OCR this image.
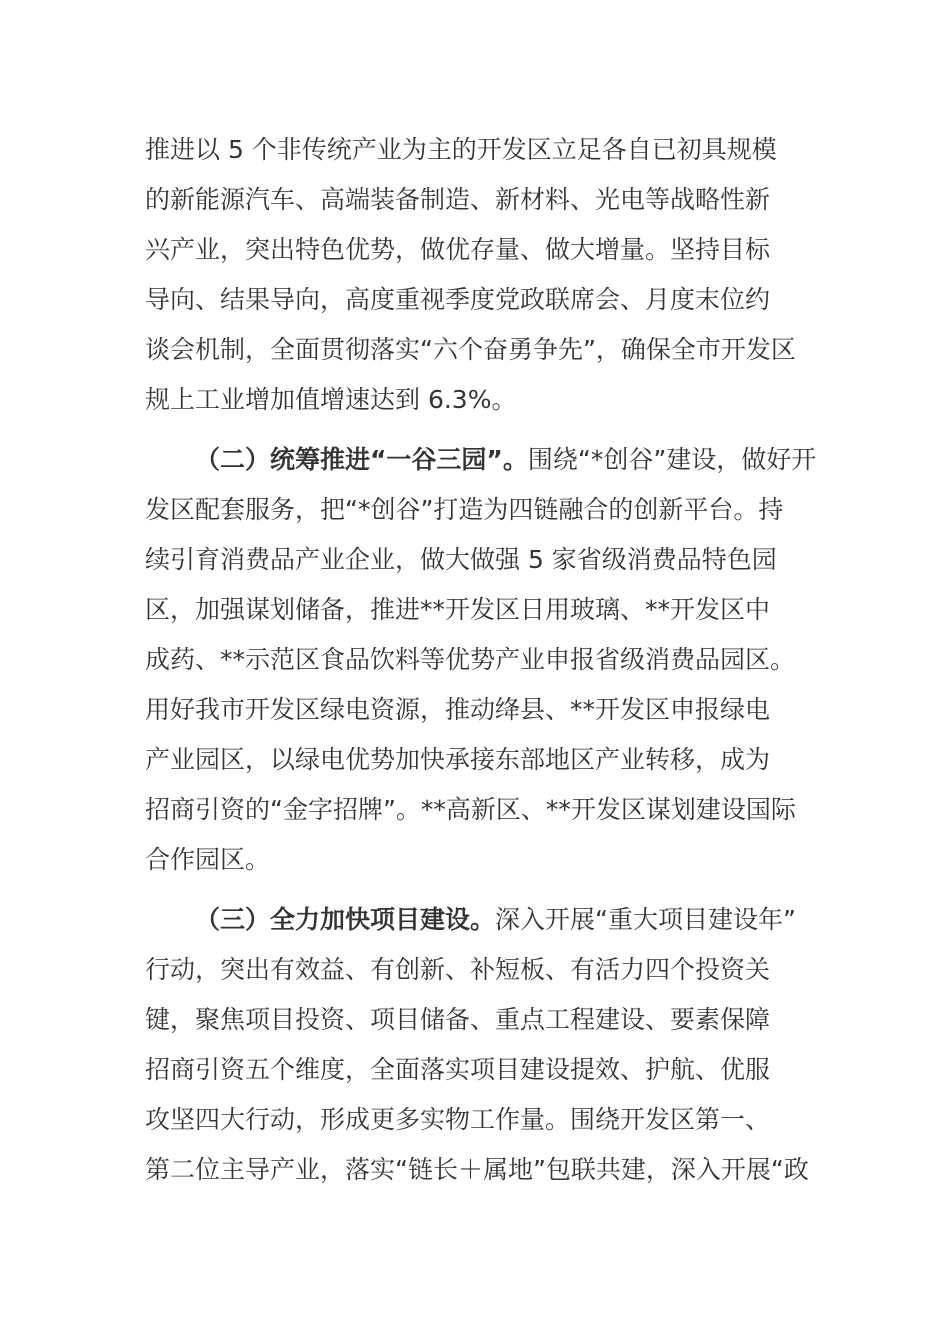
推进以 5 个非传统产业为主的开发区立足各自已初具规模
的新能源汽车、高端装备制造、新材料、光电等战略性新
兴产业，突出特色优势，做优存量、做大增量。坚持目标
导向、结果导向，高度重视季度党政联席会、月度末位约
谈会机制，全面贯彻落实“六个奋勇争先”，确保全市开发区
规上工业增加值增速达到 6.3%。
（二）统筹推进“一谷三园”。围绕“*创谷”建设，做好开
发区配套服务，把“*创谷”打造为四链融合的创新平台。持
续引育消费品产业企业，做大做强 5 家省级消费品特色园
区，加强谋划储备，推进**开发区日用玻璃、**开发区中
成药、**示范区食品饮料等优势产业申报省级消费品园区。
用好我市开发区绿电资源，推动绛县、**开发区申报绿电
产业园区，以绿电优势加快承接东部地区产业转移，成为
招商引资的“金字招牌”。**高新区、**开发区谋划建设国际
合作园区。
（三）全力加快项目建设。深入开展“重大项目建设年”
行动，突出有效益、有创新、补短板、有活力四个投资关
键，聚焦项目投资、项目储备、重点工程建设、要素保障
招商引资五个维度，全面落实项目建设提效、护航、优服
攻坚四大行动，形成更多实物工作量。围绕开发区第一、
第二位主导产业，落实“链长＋属地”包联共建，深入开展“政
